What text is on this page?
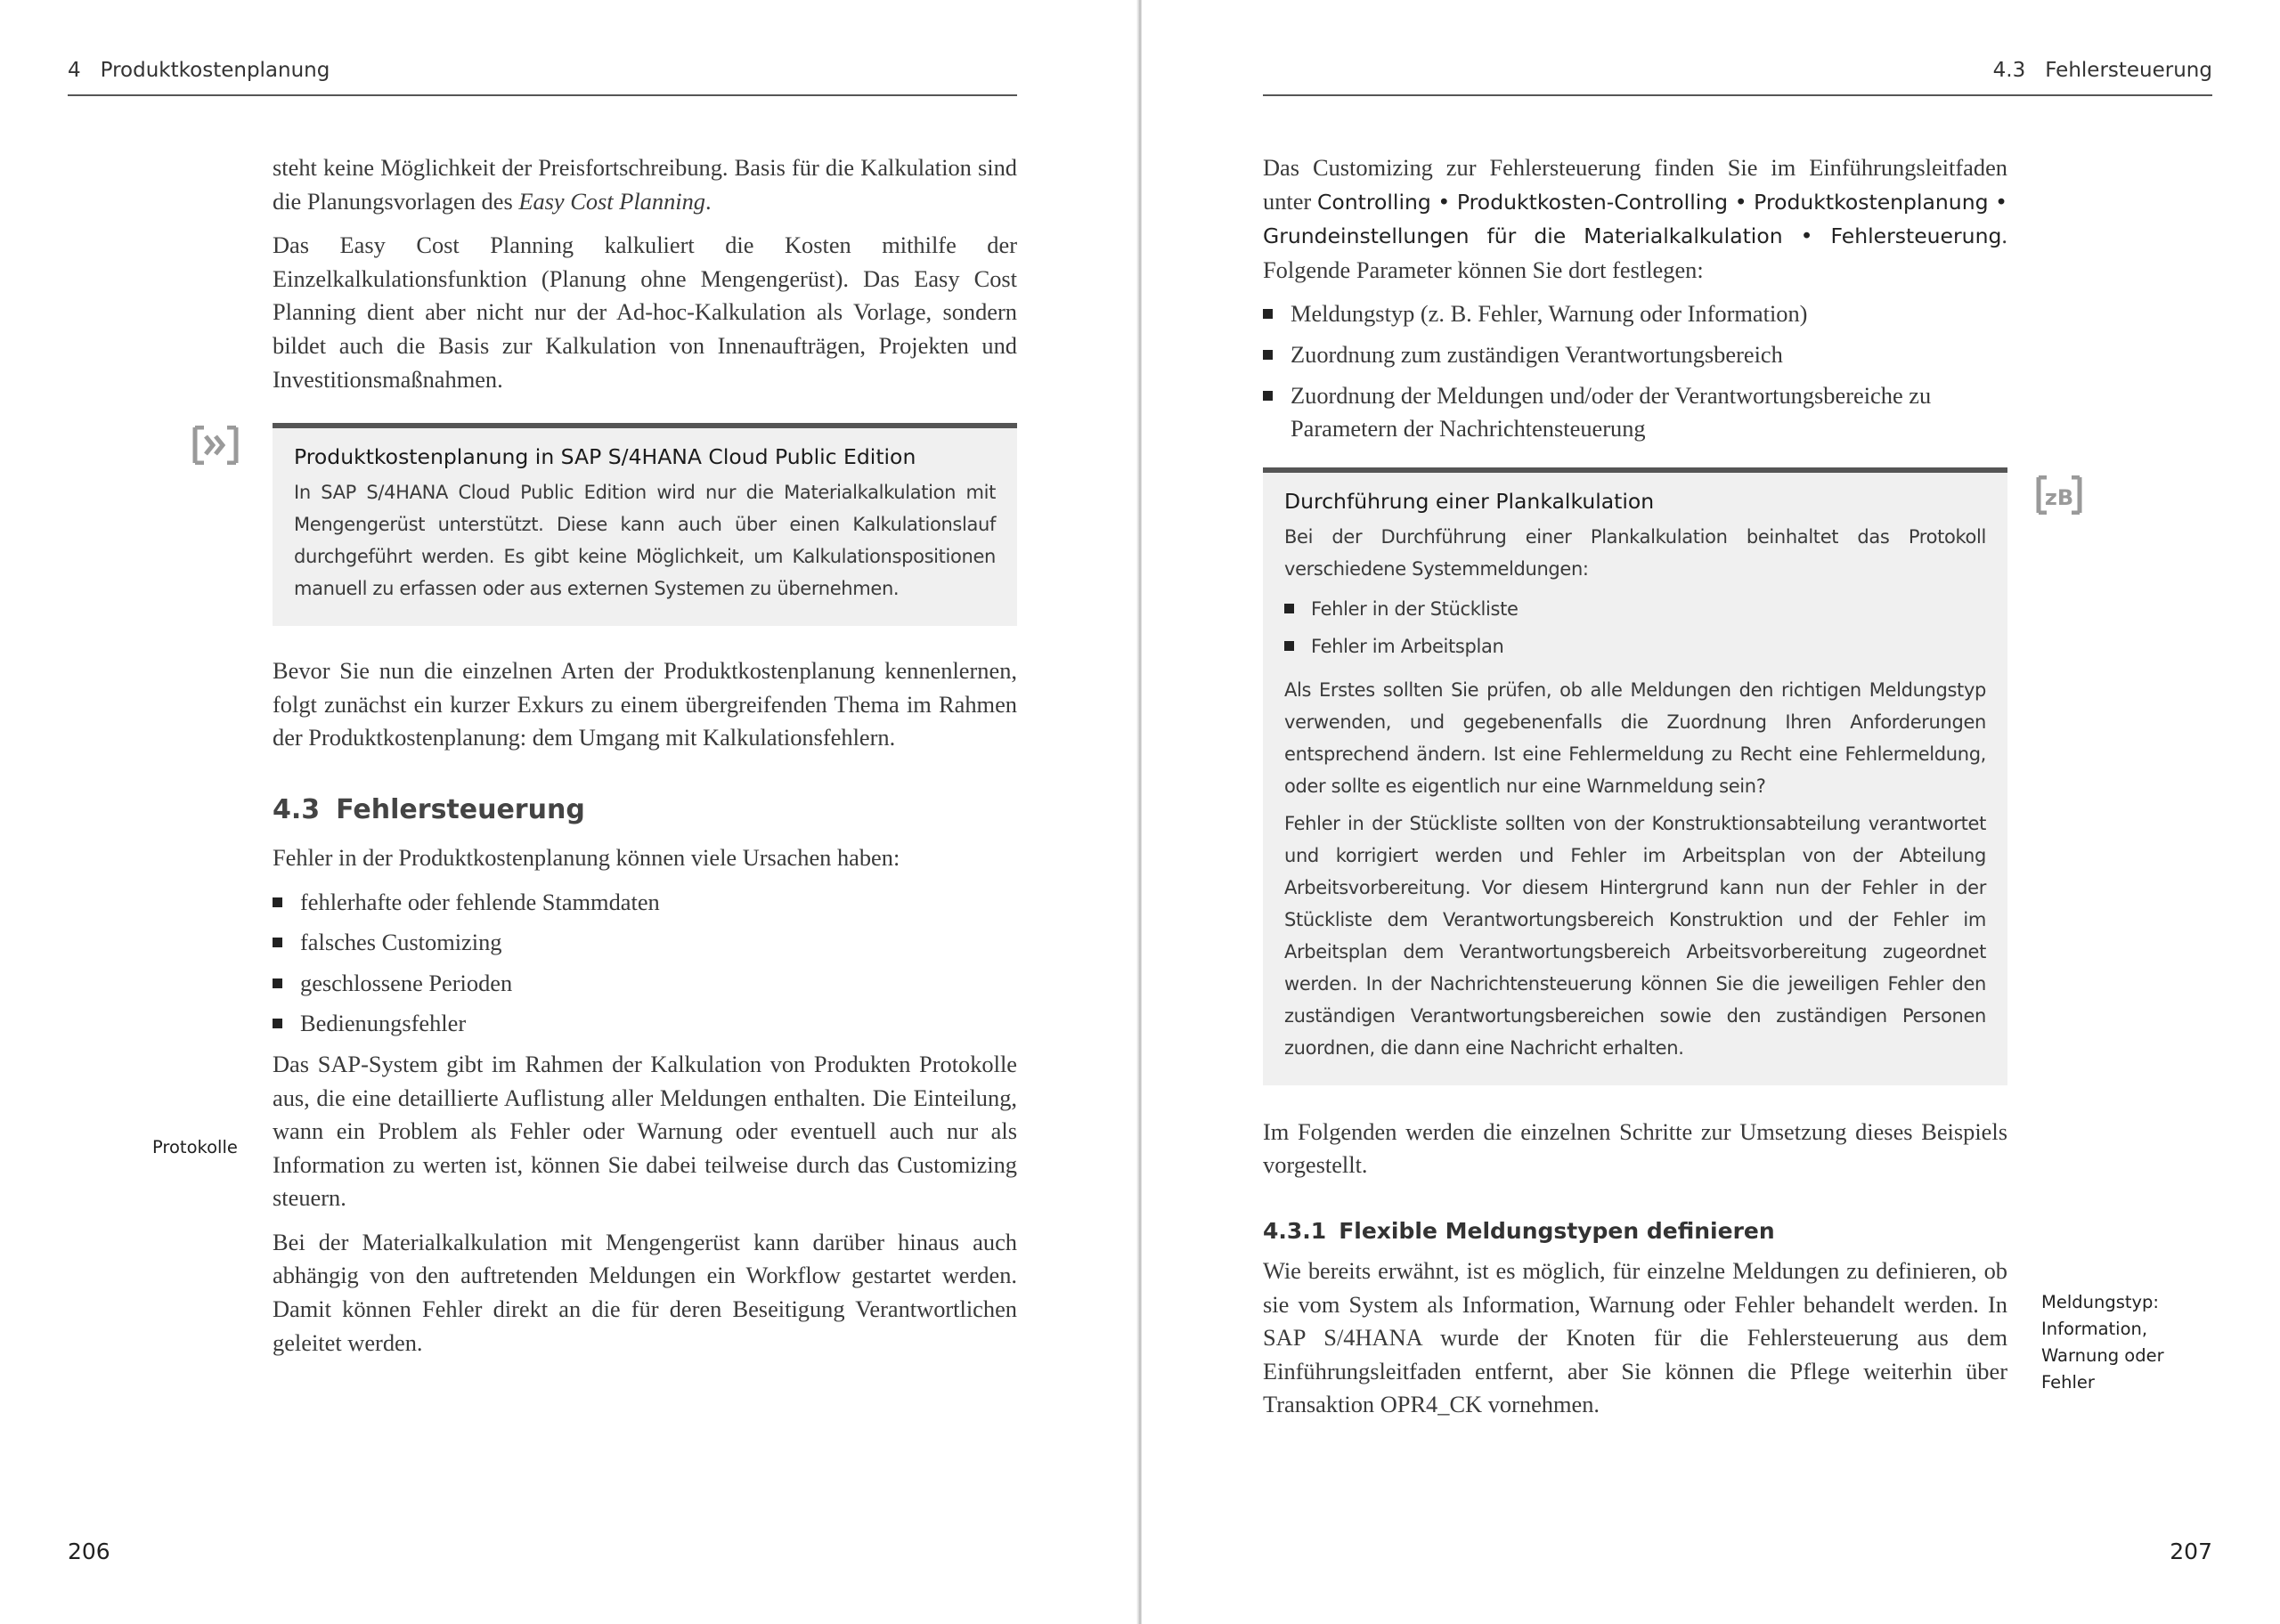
4 Produktkostenplanung

steht keine Möglichkeit der Preisfortschreibung. Basis für die Kalkulation sind die Planungsvorlagen des Easy Cost Planning.

Das Easy Cost Planning kalkuliert die Kosten mithilfe der Einzelkalkulationsfunktion (Planung ohne Mengengerüst). Das Easy Cost Planning dient aber nicht nur der Ad-hoc-Kalkulation als Vorlage, sondern bildet auch die Basis zur Kalkulation von Innenaufträgen, Projekten und Investitionsmaßnahmen.

Produktkostenplanung in SAP S/4HANA Cloud Public Edition

In SAP S/4HANA Cloud Public Edition wird nur die Materialkalkulation mit Mengengerüst unterstützt. Diese kann auch über einen Kalkulationslauf durchgeführt werden. Es gibt keine Möglichkeit, um Kalkulationspositionen manuell zu erfassen oder aus externen Systemen zu übernehmen.

Bevor Sie nun die einzelnen Arten der Produktkostenplanung kennenlernen, folgt zunächst ein kurzer Exkurs zu einem übergreifenden Thema im Rahmen der Produktkostenplanung: dem Umgang mit Kalkulationsfehlern.

4.3 Fehlersteuerung

Fehler in der Produktkostenplanung können viele Ursachen haben:

fehlerhafte oder fehlende Stammdaten
falsches Customizing
geschlossene Perioden
Bedienungsfehler

Das SAP-System gibt im Rahmen der Kalkulation von Produkten Protokolle aus, die eine detaillierte Auflistung aller Meldungen enthalten. Die Einteilung, wann ein Problem als Fehler oder Warnung oder eventuell auch nur als Information zu werten ist, können Sie dabei teilweise durch das Customizing steuern.

Bei der Materialkalkulation mit Mengengerüst kann darüber hinaus auch abhängig von den auftretenden Meldungen ein Workflow gestartet werden. Damit können Fehler direkt an die für deren Beseitigung Verantwortlichen geleitet werden.

Protokolle
206
4.3 Fehlersteuerung

Das Customizing zur Fehlersteuerung finden Sie im Einführungsleitfaden unter Controlling • Produktkosten-Controlling • Produktkostenplanung • Grundeinstellungen für die Materialkalkulation • Fehlersteuerung. Folgende Parameter können Sie dort festlegen:

Meldungstyp (z. B. Fehler, Warnung oder Information)
Zuordnung zum zuständigen Verantwortungsbereich
Zuordnung der Meldungen und/oder der Verantwortungsbereiche zu Parametern der Nachrichtensteuerung
Durchführung einer Plankalkulation

Bei der Durchführung einer Plankalkulation beinhaltet das Protokoll verschiedene Systemmeldungen:

Fehler in der Stückliste
Fehler im Arbeitsplan

Als Erstes sollten Sie prüfen, ob alle Meldungen den richtigen Meldungstyp verwenden, und gegebenenfalls die Zuordnung Ihren Anforderungen entsprechend ändern. Ist eine Fehlermeldung zu Recht eine Fehlermeldung, oder sollte es eigentlich nur eine Warnmeldung sein?

Fehler in der Stückliste sollten von der Konstruktionsabteilung verantwortet und korrigiert werden und Fehler im Arbeitsplan von der Abteilung Arbeitsvorbereitung. Vor diesem Hintergrund kann nun der Fehler in der Stückliste dem Verantwortungsbereich Konstruktion und der Fehler im Arbeitsplan dem Verantwortungsbereich Arbeitsvorbereitung zugeordnet werden. In der Nachrichtensteuerung können Sie die jeweiligen Fehler den zuständigen Verantwortungsbereichen sowie den zuständigen Personen zuordnen, die dann eine Nachricht erhalten.

Im Folgenden werden die einzelnen Schritte zur Umsetzung dieses Beispiels vorgestellt.

4.3.1 Flexible Meldungstypen definieren

Wie bereits erwähnt, ist es möglich, für einzelne Meldungen zu definieren, ob sie vom System als Information, Warnung oder Fehler behandelt werden. In SAP S/4HANA wurde der Knoten für die Fehlersteuerung aus dem Einführungsleitfaden entfernt, aber Sie können die Pflege weiterhin über Transaktion OPR4_CK vornehmen.

zB
Meldungstyp: Information, Warnung oder Fehler
207
